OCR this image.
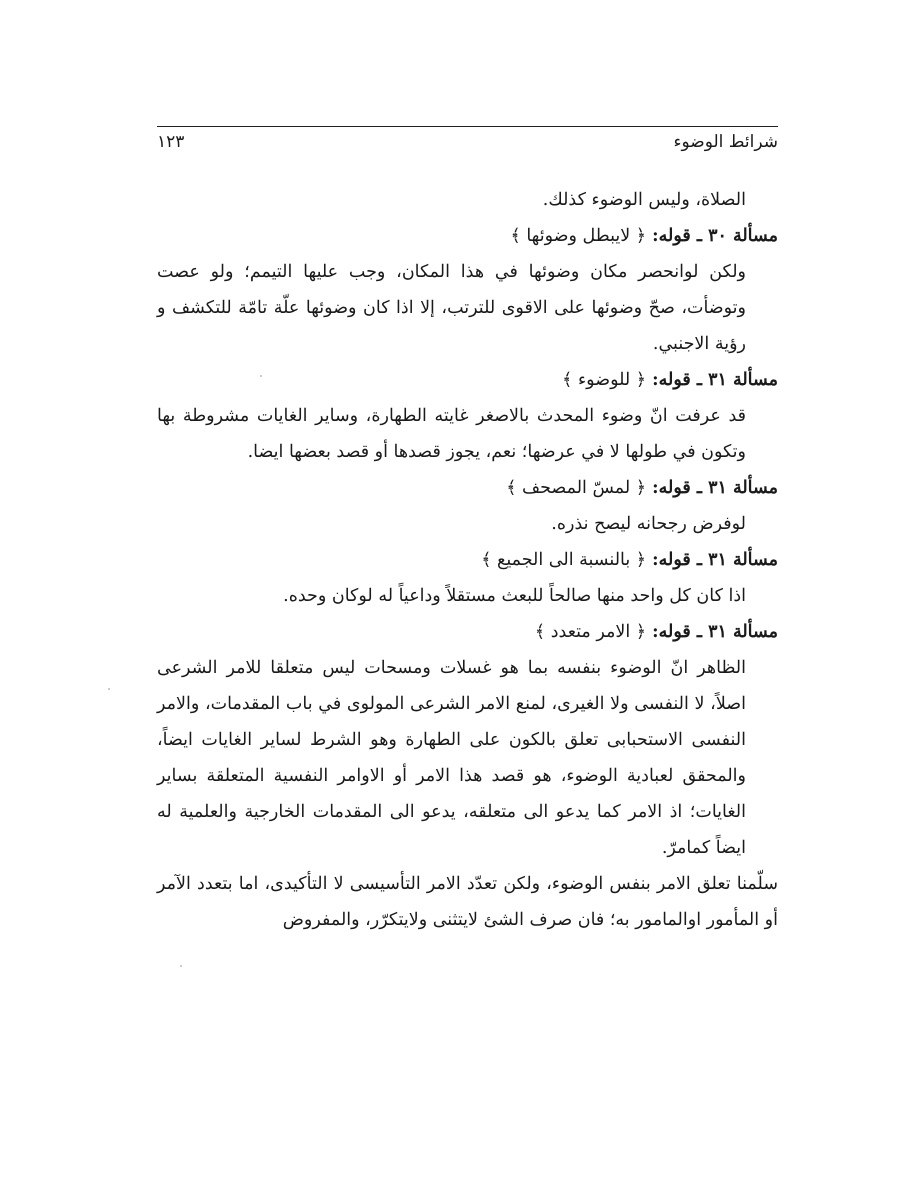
شرائط الوضوء
١٢٣

الصلاة، وليس الوضوء كذلك.

مسألة ٣٠ ـ قوله: ﴿ لايبطل وضوئها ﴾

ولكن لوانحصر مكان وضوئها في هذا المكان، وجب عليها التيمم؛ ولو عصت وتوضأت، صحّ وضوئها على الاقوى للترتب، إلا اذا كان وضوئها علّة تامّة للتكشف و رؤية الاجنبي.

مسألة ٣١ ـ قوله: ﴿ للوضوء ﴾

قد عرفت انّ وضوء المحدث بالاصغر غايته الطهارة، وساير الغايات مشروطة بها وتكون في طولها لا في عرضها؛ نعم، يجوز قصدها أو قصد بعضها ايضا.

مسألة ٣١ ـ قوله: ﴿ لمسّ المصحف ﴾

لوفرض رجحانه ليصح نذره.

مسألة ٣١ ـ قوله: ﴿ بالنسبة الى الجميع ﴾

اذا كان كل واحد منها صالحاً للبعث مستقلاً وداعياً له لوكان وحده.

مسألة ٣١ ـ قوله: ﴿ الامر متعدد ﴾

الظاهر انّ الوضوء بنفسه بما هو غسلات ومسحات ليس متعلقا للامر الشرعى اصلاً، لا النفسى ولا الغيرى، لمنع الامر الشرعى المولوى في باب المقدمات، والامر النفسى الاستحبابى تعلق بالكون على الطهارة وهو الشرط لساير الغايات ايضاً، والمحقق لعبادية الوضوء، هو قصد هذا الامر أو الاوامر النفسية المتعلقة بساير الغايات؛ اذ الامر كما يدعو الى متعلقه، يدعو الى المقدمات الخارجية والعلمية له ايضاً كمامرّ.

سلّمنا تعلق الامر بنفس الوضوء، ولكن تعدّد الامر التأسيسى لا التأكيدى، اما بتعدد الآمر أو المأمور اوالمامور به؛ فان صرف الشئ لايتثنى ولايتكرّر، والمفروض
